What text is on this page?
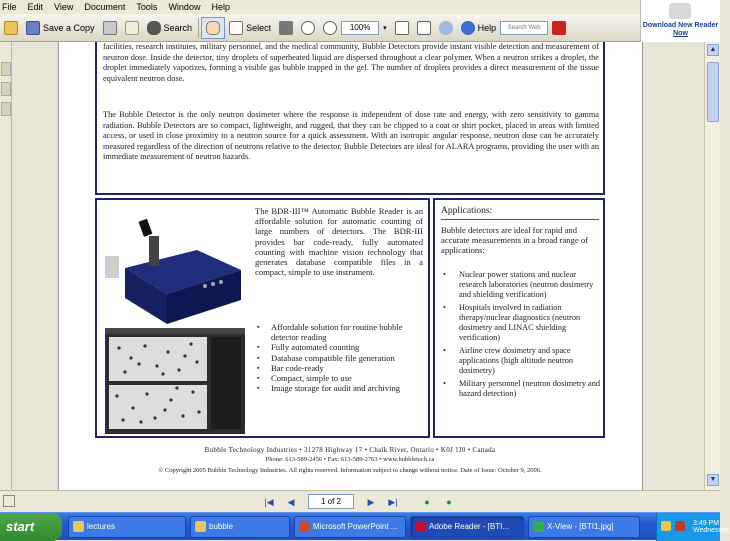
File Edit View Document Tools Window Help
Save a Copy	Search	Select	100%	▾	Help	Search Web	Download New Reader
Now

facilities, research institutes, military personnel, and the medical community, Bubble Detectors provide instant visible detection and measurement of neutron dose. Inside the detector, tiny droplets of superheated liquid are dispersed throughout a clear polymer. When a neutron strikes a droplet, the droplet immediately vaporizes, forming a visible gas bubble trapped in the gel. The number of droplets provides a direct measurement of the tissue equivalent neutron dose.

The Bubble Detector is the only neutron dosimeter where the response is independent of dose rate and energy, with zero sensitivity to gamma radiation. Bubble Detectors are so compact, lightweight, and rugged, that they can be clipped to a coat or shirt pocket, placed in areas with limited access, or used in close proximity to a neutron source for a quick assessment. With an isotropic angular response, neutron dose can be accurately measured regardless of the direction of neutrons relative to the detector. Bubble Detectors are ideal for ALARA programs, providing the user with an immediate measurement of neutron hazards.

The BDR-III™ Automatic Bubble Reader is an affordable solution for automatic counting of large numbers of detectors. The BDR-III provides bar code-ready, fully automated counting with machine vision technology that generates database compatible files in a compact, simple to use instrument.

▪ Affordable solution for routine bubble detector reading
▪ Fully automated counting
▪ Database compatible file generation
▪ Bar code-ready
▪ Compact, simple to use
▪ Image storage for audit and archiving
Applications:

Bubble detectors are ideal for rapid and accurate measurements in a broad range of applications:

• Nuclear power stations and nuclear research laboratories (neutron dosimetry and shielding verification)
• Hospitals involved in radiation therapy/nuclear diagnostics (neutron dosimetry and LINAC shielding verification)
• Airline crew dosimetry and space applications (high altitude neutron dosimetry)
• Military personnel (neutron dosimetry and hazard detection)
Bubble Technology Industries • 31278 Highway 17 • Chalk River, Ontario • K0J 1J0 • Canada
Phone: 613-589-2456 • Fax: 613-589-2763 • www.bubbletech.ca
© Copyright 2005 Bubble Technology Industries. All rights reserved. Information subject to change without notice. Date of Issue: October 9, 2006.
▲
▼
|◀	◀	1 of 2	▶	▶|	●	●
start	lectures	bubble	Microsoft PowerPoint ...	Adobe Reader - [BTI...	X-View - [BTI1.jpg]	3:49 PM
Wednesday
